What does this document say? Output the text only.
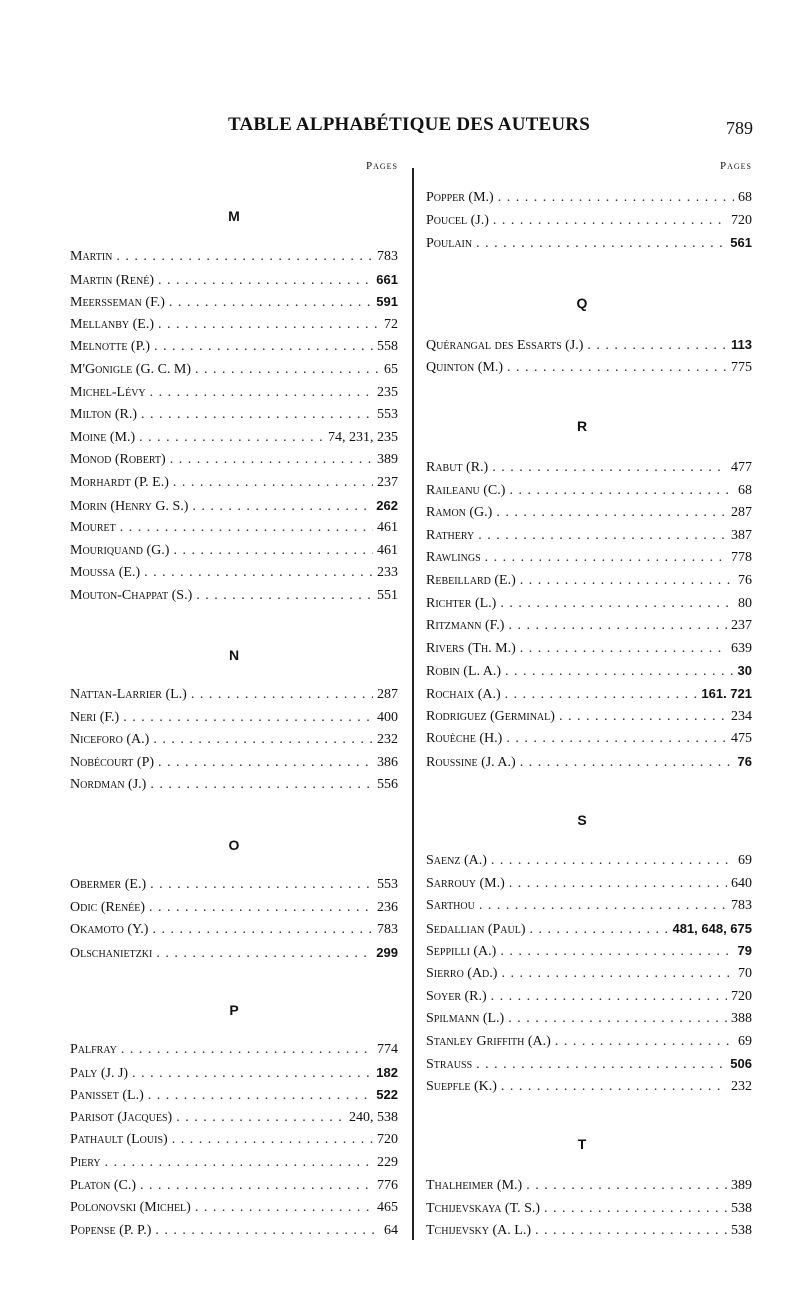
TABLE ALPHABÉTIQUE DES AUTEURS	789
Pages
M
Martin . . .	783
Martin (René) . . .	661
Meersseman (F.) . . .	591
Mellanby (E.) . . .	72
Melnotte (P.) . . .	558
M'Gonigle (G. C. M) . . .	65
Michel-Lévy . . .	235
Milton (R.) . . .	553
Moine (M.) . . .	74, 231, 235
Monod (Robert) . . .	389
Morhardt (P. E.) . . .	237
Morin (Henry G. S.) . . .	262
Mouret . . .	461
Mouriquand (G.) . . .	461
Moussa (E.) . . .	233
Mouton-Chappat (S.) . . .	551
N
Nattan-Larrier (L.) . . .	287
Neri (F.) . . .	400
Niceforo (A.) . . .	232
Nobécourt (P) . . .	386
Nordman (J.) . . .	556
O
Obermer (E.) . . .	553
Odic (Renée) . . .	236
Okamoto (Y.) . . .	783
Olschanietzki . . .	299
P
Palfray . . .	774
Paly (J. J) . . .	182
Panisset (L.) . . .	522
Parisot (Jacques) . . .	240, 538
Pathault (Louis) . . .	720
Piery . . .	229
Platon (C.) . . .	776
Polonovski (Michel) . . .	465
Popense (P. P.) . . .	64
Pages
Popper (M.) . . .	68
Poucel (J.) . . .	720
Poulain . . .	561
Q
Quérangal des Essarts (J.) . . .	113
Quinton (M.) . . .	775
R
Rabut (R.) . . .	477
Raileanu (C.) . . .	68
Ramon (G.) . . .	287
Rathery . . .	387
Rawlings . . .	778
Rebeillard (E.) . . .	76
Richter (L.) . . .	80
Ritzmann (F.) . . .	237
Rivers (Th. M.) . . .	639
Robin (L. A.) . . .	30
Rochaix (A.) . . .	161. 721
Rodriguez (Germinal) . . .	234
Rouèche (H.) . . .	475
Roussine (J. A.) . . .	76
S
Saenz (A.) . . .	69
Sarrouy (M.) . . .	640
Sarthou . . .	783
Sedallian (Paul) . . .	481, 648, 675
Seppilli (A.) . . .	79
Sierro (Ad.) . . .	70
Soyer (R.) . . .	720
Spilmann (L.) . . .	388
Stanley Griffith (A.) . . .	69
Strauss . . .	506
Suepfle (K.) . . .	232
T
Thalheimer (M.) . . .	389
Tchijevskaya (T. S.) . . .	538
Tchijevsky (A. L.) . . .	538
